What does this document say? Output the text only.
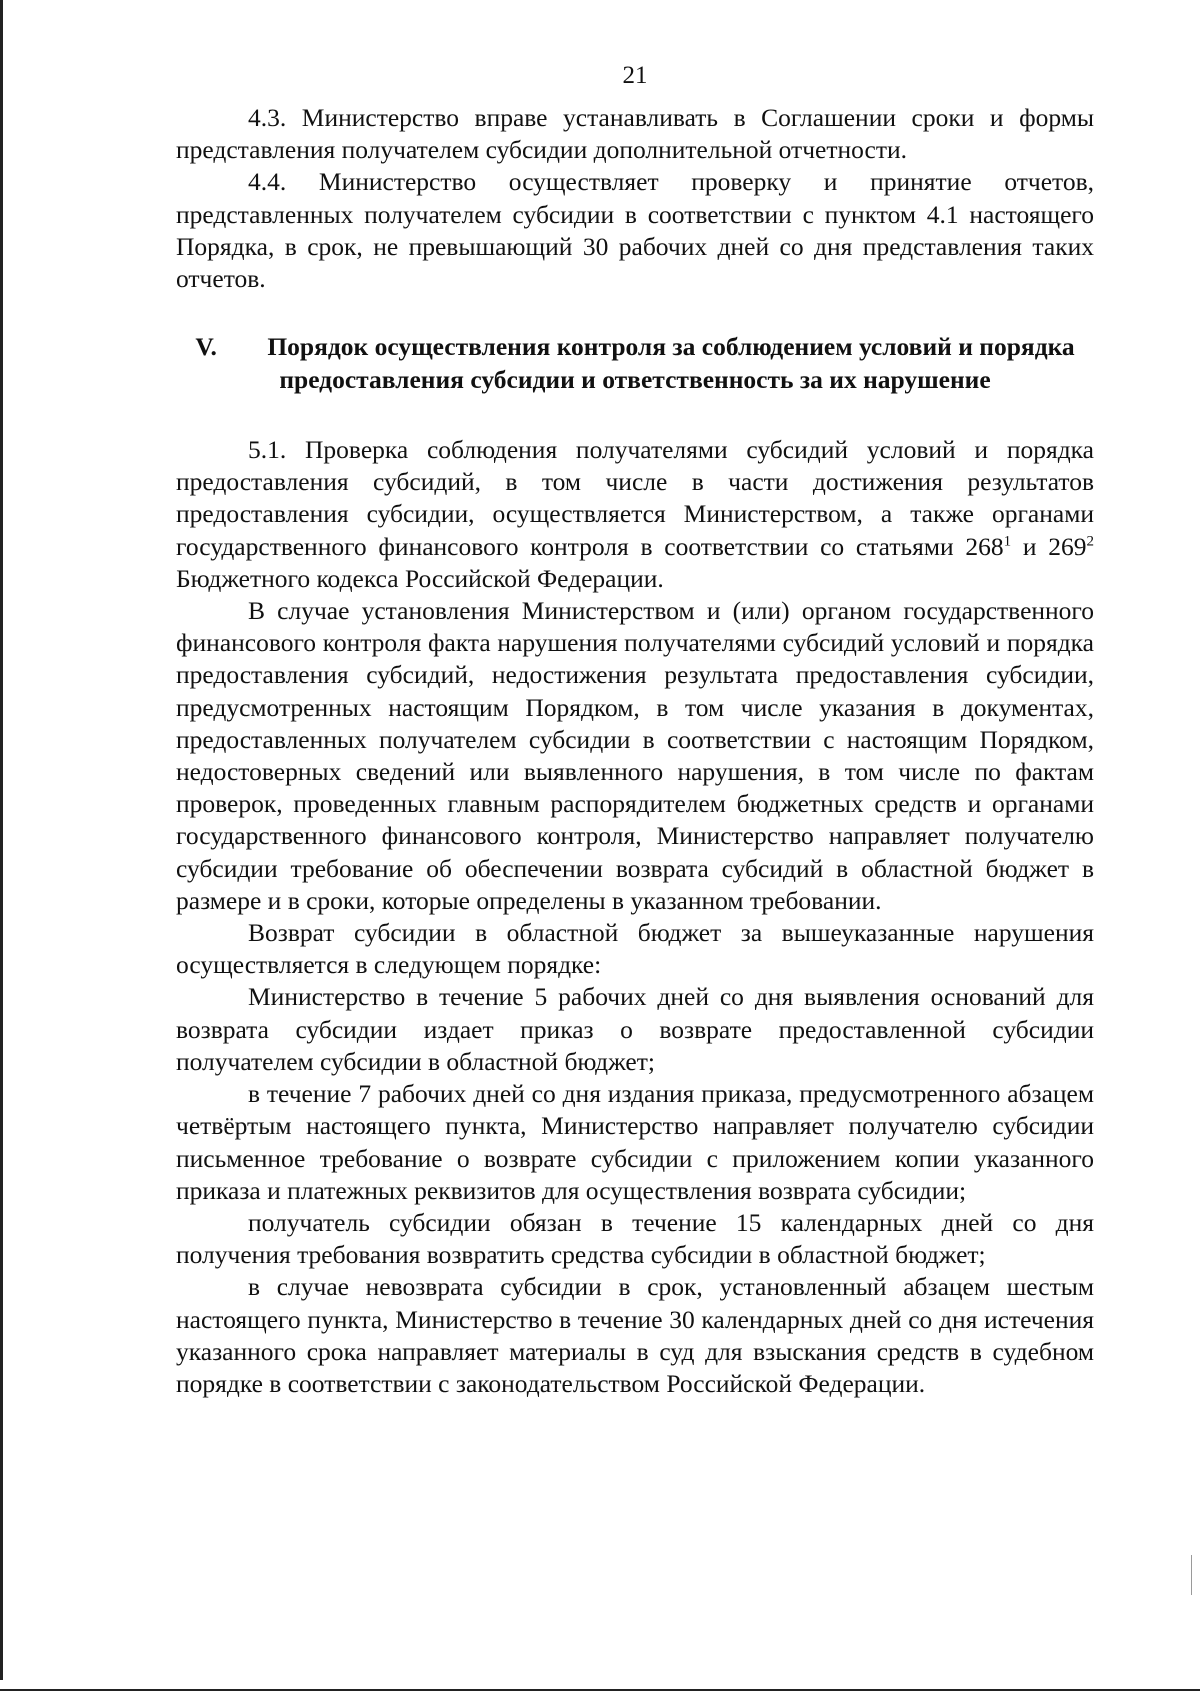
21

4.3. Министерство вправе устанавливать в Соглашении сроки и формы представления получателем субсидии дополнительной отчетности.

4.4. Министерство осуществляет проверку и принятие отчетов, представленных получателем субсидии в соответствии с пунктом 4.1 настоящего Порядка, в срок, не превышающий 30 рабочих дней со дня представления таких отчетов.

V. Порядок осуществления контроля за соблюдением условий и порядка предоставления субсидии и ответственность за их нарушение

5.1. Проверка соблюдения получателями субсидий условий и порядка предоставления субсидий, в том числе в части достижения результатов предоставления субсидии, осуществляется Министерством, а также органами государственного финансового контроля в соответствии со статьями $268^1$ и $269^2$ Бюджетного кодекса Российской Федерации.

В случае установления Министерством и (или) органом государственного финансового контроля факта нарушения получателями субсидий условий и порядка предоставления субсидий, недостижения результата предоставления субсидии, предусмотренных настоящим Порядком, в том числе указания в документах, предоставленных получателем субсидии в соответствии с настоящим Порядком, недостоверных сведений или выявленного нарушения, в том числе по фактам проверок, проведенных главным распорядителем бюджетных средств и органами государственного финансового контроля, Министерство направляет получателю субсидии требование об обеспечении возврата субсидий в областной бюджет в размере и в сроки, которые определены в указанном требовании.

Возврат субсидии в областной бюджет за вышеуказанные нарушения осуществляется в следующем порядке:

Министерство в течение 5 рабочих дней со дня выявления оснований для возврата субсидии издает приказ о возврате предоставленной субсидии получателем субсидии в областной бюджет;

в течение 7 рабочих дней со дня издания приказа, предусмотренного абзацем четвёртым настоящего пункта, Министерство направляет получателю субсидии письменное требование о возврате субсидии с приложением копии указанного приказа и платежных реквизитов для осуществления возврата субсидии;

получатель субсидии обязан в течение 15 календарных дней со дня получения требования возвратить средства субсидии в областной бюджет;

в случае невозврата субсидии в срок, установленный абзацем шестым настоящего пункта, Министерство в течение 30 календарных дней со дня истечения указанного срока направляет материалы в суд для взыскания средств в судебном порядке в соответствии с законодательством Российской Федерации.
